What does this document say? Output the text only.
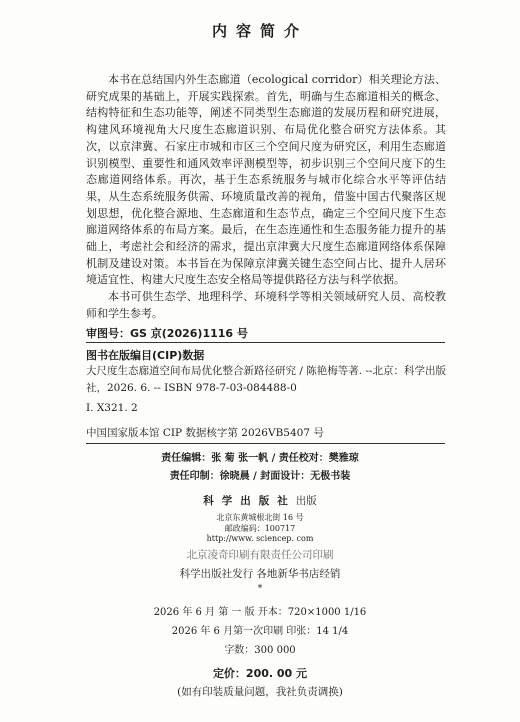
内容简介

本书在总结国内外生态廊道（ecological corridor）相关理论方法、研究成果的基础上，开展实践探索。首先，明确与生态廊道相关的概念、结构特征和生态功能等，阐述不同类型生态廊道的发展历程和研究进展，构建风环境视角大尺度生态廊道识别、布局优化整合研究方法体系。其次，以京津冀、石家庄市城和市区三个空间尺度为研究区，利用生态廊道识别模型、重要性和通风效率评测模型等，初步识别三个空间尺度下的生态廊道网络体系。再次，基于生态系统服务与城市化综合水平等评估结果，从生态系统服务供需、环境质量改善的视角，借鉴中国古代聚落区规划思想，优化整合源地、生态廊道和生态节点，确定三个空间尺度下生态廊道网络体系的布局方案。最后，在生态连通性和生态服务能力提升的基础上，考虑社会和经济的需求，提出京津冀大尺度生态廊道网络体系保障机制及建设对策。本书旨在为保障京津冀关键生态空间占比、提升人居环境适宜性、构建大尺度生态安全格局等提供路径方法与科学依据。

本书可供生态学、地理科学、环境科学等相关领域研究人员、高校教师和学生参考。

审图号：GS 京(2026)1116 号
图书在版编目(CIP)数据
大尺度生态廊道空间布局优化整合新路径研究 / 陈艳梅等著. --北京：科学出版社，2026. 6. -- ISBN 978-7-03-084488-0
Ⅰ. X321. 2
中国国家版本馆 CIP 数据核字第 2026VB5407 号
责任编辑：张 菊 张一帆 / 责任校对：樊雅琼
责任印制：徐晓晨 / 封面设计：无极书装
科学出版社出版
北京东黄城根北街 16 号
邮政编码：100717
http://www. sciencep. com
北京凌奇印刷有限责任公司印刷
科学出版社发行 各地新华书店经销
*
2026 年 6 月 第 一 版 开本：720×1000 1/16
2026 年 6 月第一次印刷 印张：14 1/4
字数：300 000
定价：200. 00 元
(如有印装质量问题，我社负责调换)
